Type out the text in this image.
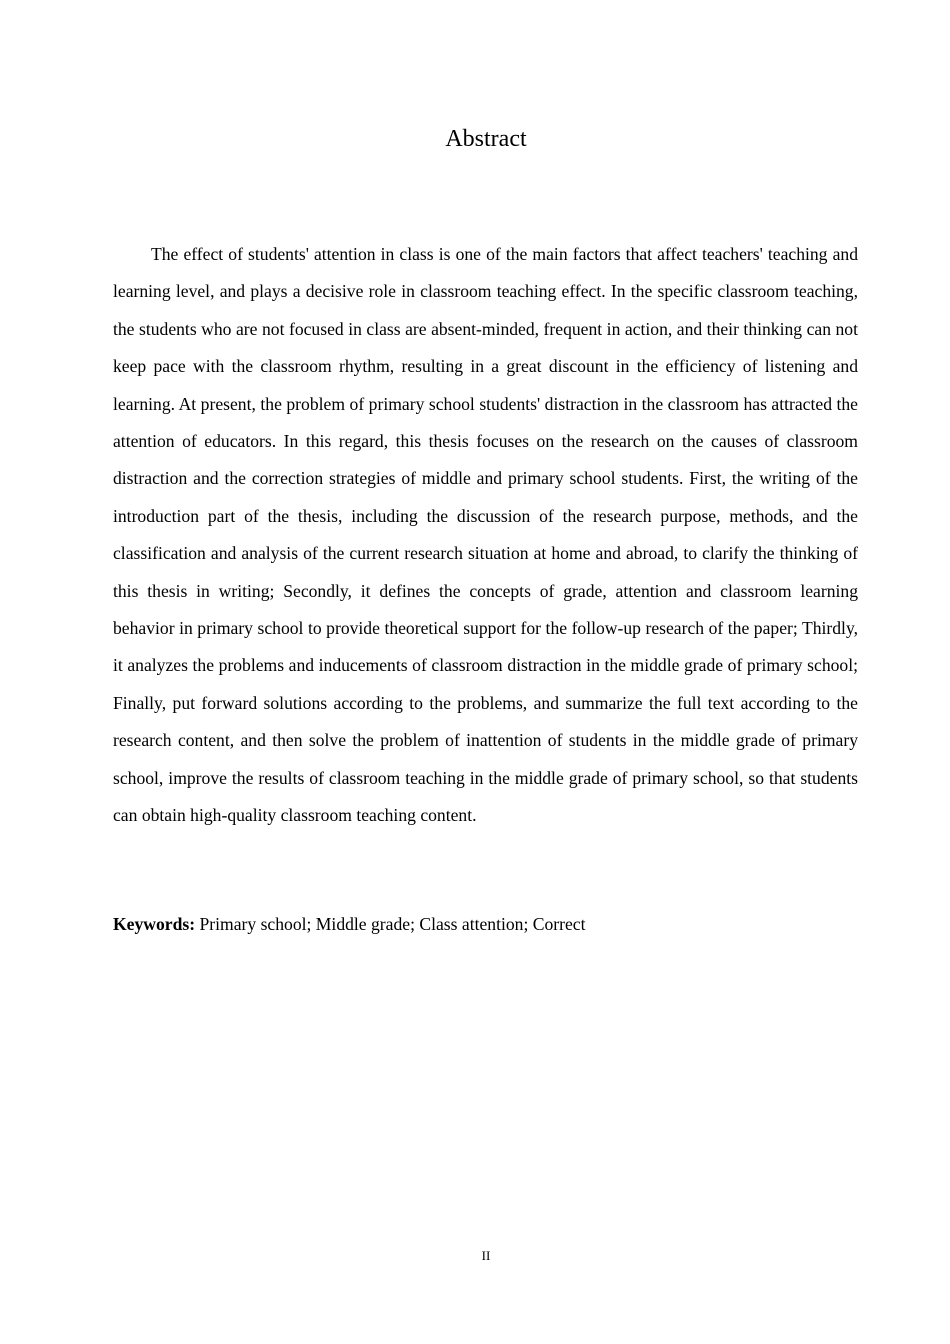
Abstract

The effect of students' attention in class is one of the main factors that affect teachers' teaching and learning level, and plays a decisive role in classroom teaching effect. In the specific classroom teaching, the students who are not focused in class are absent-minded, frequent in action, and their thinking can not keep pace with the classroom rhythm, resulting in a great discount in the efficiency of listening and learning. At present, the problem of primary school students' distraction in the classroom has attracted the attention of educators. In this regard, this thesis focuses on the research on the causes of classroom distraction and the correction strategies of middle and primary school students. First, the writing of the introduction part of the thesis, including the discussion of the research purpose, methods, and the classification and analysis of the current research situation at home and abroad, to clarify the thinking of this thesis in writing; Secondly, it defines the concepts of grade, attention and classroom learning behavior in primary school to provide theoretical support for the follow-up research of the paper; Thirdly, it analyzes the problems and inducements of classroom distraction in the middle grade of primary school; Finally, put forward solutions according to the problems, and summarize the full text according to the research content, and then solve the problem of inattention of students in the middle grade of primary school, improve the results of classroom teaching in the middle grade of primary school, so that students can obtain high-quality classroom teaching content.

Keywords: Primary school; Middle grade; Class attention; Correct

II
